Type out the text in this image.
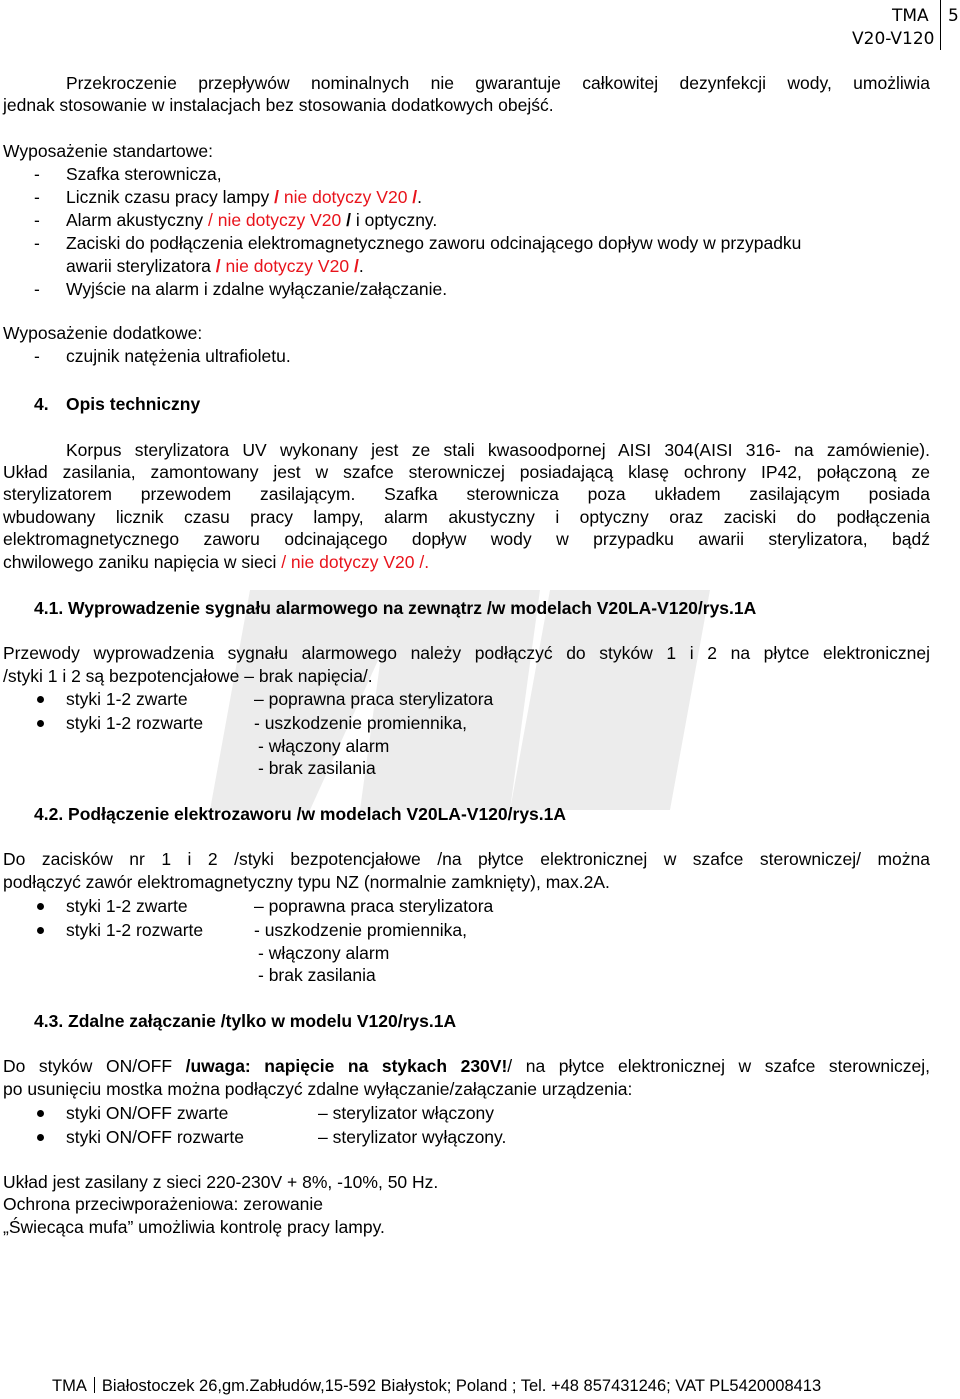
TMA
V20-V120
5
Przekroczenie przepływów nominalnych nie gwarantuje całkowitej dezynfekcji wody, umożliwia
jednak stosowanie w instalacjach bez stosowania dodatkowych obejść.
Wyposażenie standartowe:
- Szafka sterownicza,
- Licznik czasu pracy lampy / nie dotyczy V20 /.
- Alarm akustyczny / nie dotyczy V20 / i optyczny.
- Zaciski do podłączenia elektromagnetycznego zaworu odcinającego dopływ wody w przypadku
awarii sterylizatora / nie dotyczy V20 /.
- Wyjście na alarm i zdalne wyłączanie/załączanie.
Wyposażenie dodatkowe:
- czujnik natężenia ultrafioletu.
4. Opis techniczny
Korpus sterylizatora UV wykonany jest ze stali kwasoodpornej AISI 304(AISI 316- na zamówienie).
Układ zasilania, zamontowany jest w szafce sterowniczej posiadającą klasę ochrony IP42, połączoną ze
sterylizatorem przewodem zasilającym. Szafka sterownicza poza układem zasilającym posiada
wbudowany licznik czasu pracy lampy, alarm akustyczny i optyczny oraz zaciski do podłączenia
elektromagnetycznego zaworu odcinającego dopływ wody w przypadku awarii sterylizatora, bądź
chwilowego zaniku napięcia w sieci / nie dotyczy V20 /.
4.1. Wyprowadzenie sygnału alarmowego na zewnątrz /w modelach V20LA-V120/rys.1A
Przewody wyprowadzenia sygnału alarmowego należy podłączyć do styków 1 i 2 na płytce elektronicznej
/styki 1 i 2 są bezpotencjałowe – brak napięcia/.
styki 1-2 zwarte	– poprawna praca sterylizatora
styki 1-2 rozwarte	- uszkodzenie promiennika,
- włączony alarm
- brak zasilania
4.2. Podłączenie elektrozaworu /w modelach V20LA-V120/rys.1A
Do zacisków nr 1 i 2 /styki bezpotencjałowe /na płytce elektronicznej w szafce sterowniczej/ można
podłączyć zawór elektromagnetyczny typu NZ (normalnie zamknięty), max.2A.
styki 1-2 zwarte	– poprawna praca sterylizatora
styki 1-2 rozwarte	- uszkodzenie promiennika,
- włączony alarm
- brak zasilania
4.3. Zdalne załączanie /tylko w modelu V120/rys.1A
Do styków ON/OFF /uwaga: napięcie na stykach 230V!/ na płytce elektronicznej w szafce sterowniczej,
po usunięciu mostka można podłączyć zdalne wyłączanie/załączanie urządzenia:
styki ON/OFF zwarte	– sterylizator włączony
styki ON/OFF rozwarte	– sterylizator wyłączony.
Układ jest zasilany z sieci 220-230V + 8%, -10%, 50 Hz.
Ochrona przeciwporażeniowa: zerowanie
„Świecąca mufa” umożliwia kontrolę pracy lampy.
TMA Białostoczek 26,gm.Zabłudów,15-592 Białystok; Poland ; Tel. +48 857431246; VAT PL5420008413
